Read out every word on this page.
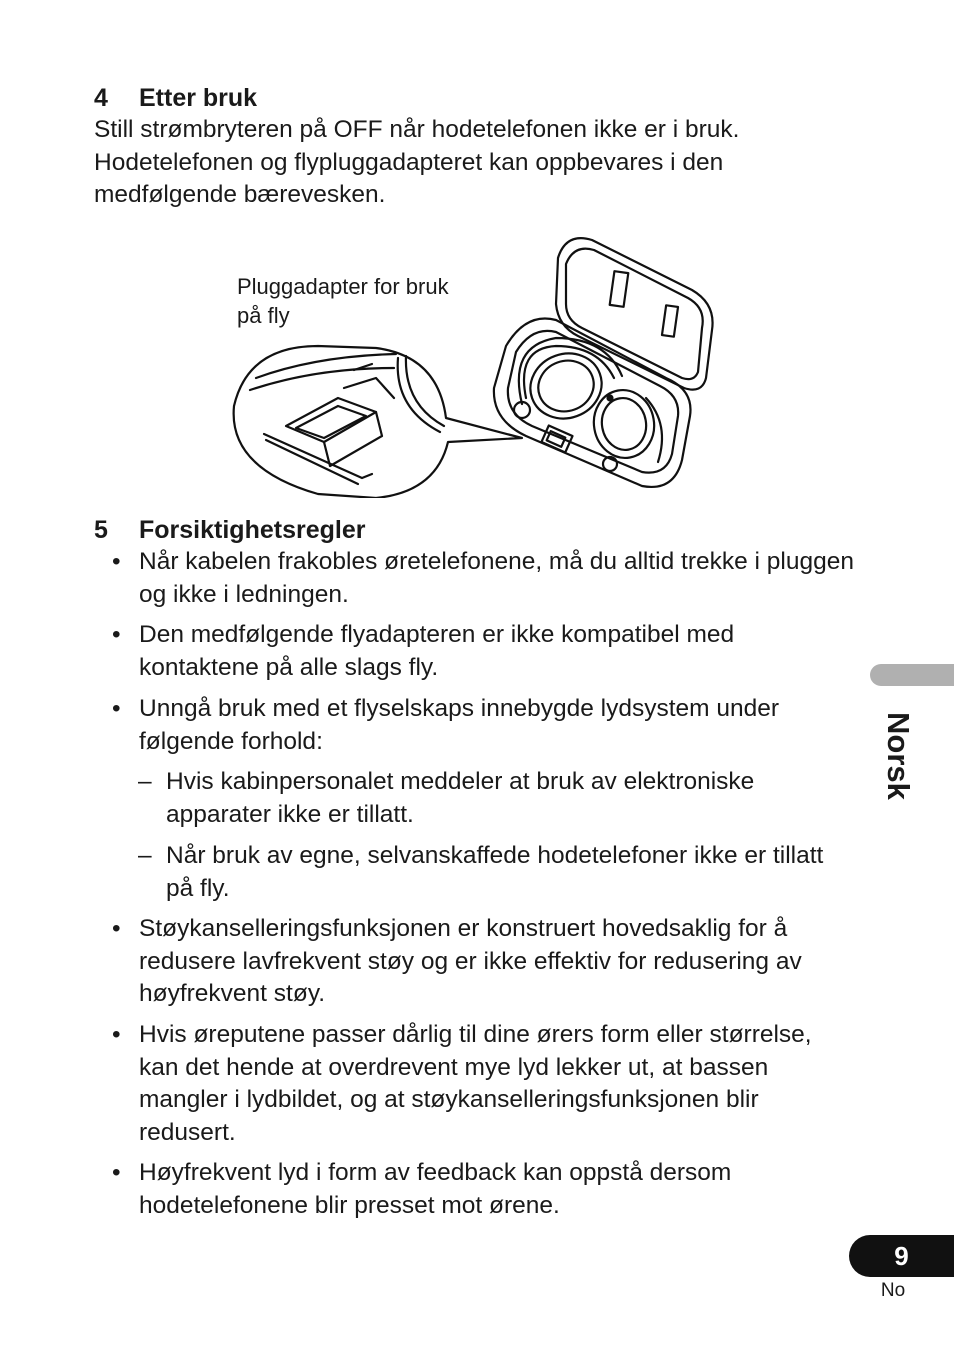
4 Etter bruk
Still strømbryteren på OFF når hodetelefonen ikke er i bruk. Hodetelefonen og flypluggadapteret kan oppbevares i den medfølgende bærevesken.
Pluggadapter for bruk på fly
5 Forsiktighetsregler
• Når kabelen frakobles øretelefonene, må du alltid trekke i pluggen og ikke i ledningen.
• Den medfølgende flyadapteren er ikke kompatibel med kontaktene på alle slags fly.
• Unngå bruk med et flyselskaps innebygde lydsystem under følgende forhold:
– Hvis kabinpersonalet meddeler at bruk av elektroniske apparater ikke er tillatt.
– Når bruk av egne, selvanskaffede hodetelefoner ikke er tillatt på fly.
• Støykanselleringsfunksjonen er konstruert hovedsaklig for å redusere lavfrekvent støy og er ikke effektiv for redusering av høyfrekvent støy.
• Hvis øreputene passer dårlig til dine ørers form eller størrelse, kan det hende at overdrevent mye lyd lekker ut, at bassen mangler i lydbildet, og at støykanselleringsfunksjonen blir redusert.
• Høyfrekvent lyd i form av feedback kan oppstå dersom hodetelefonene blir presset mot ørene.
Norsk
9
No
